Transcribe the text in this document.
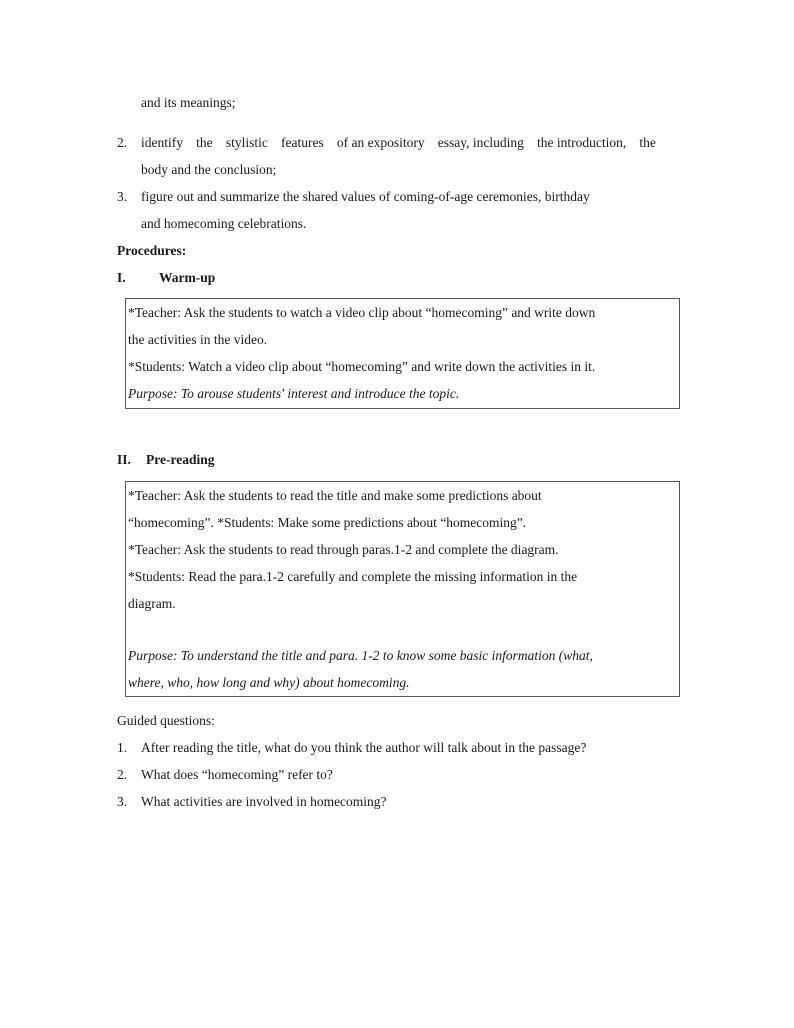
and its meanings;
2. identify the stylistic features of an expository essay, including the introduction, the
body and the conclusion;
3. figure out and summarize the shared values of coming-of-age ceremonies, birthday
and homecoming celebrations.
Procedures:
I. Warm-up
*Teacher: Ask the students to watch a video clip about “homecoming” and write down
the activities in the video.
*Students: Watch a video clip about “homecoming” and write down the activities in it.
Purpose: To arouse students' interest and introduce the topic.
II. Pre-reading
*Teacher: Ask the students to read the title and make some predictions about
“homecoming”. *Students: Make some predictions about “homecoming”.
*Teacher: Ask the students to read through paras.1-2 and complete the diagram.
*Students: Read the para.1-2 carefully and complete the missing information in the
diagram.
Purpose: To understand the title and para. 1-2 to know some basic information (what,
where, who, how long and why) about homecoming.
Guided questions:
1. After reading the title, what do you think the author will talk about in the passage?
2. What does “homecoming” refer to?
3. What activities are involved in homecoming?
